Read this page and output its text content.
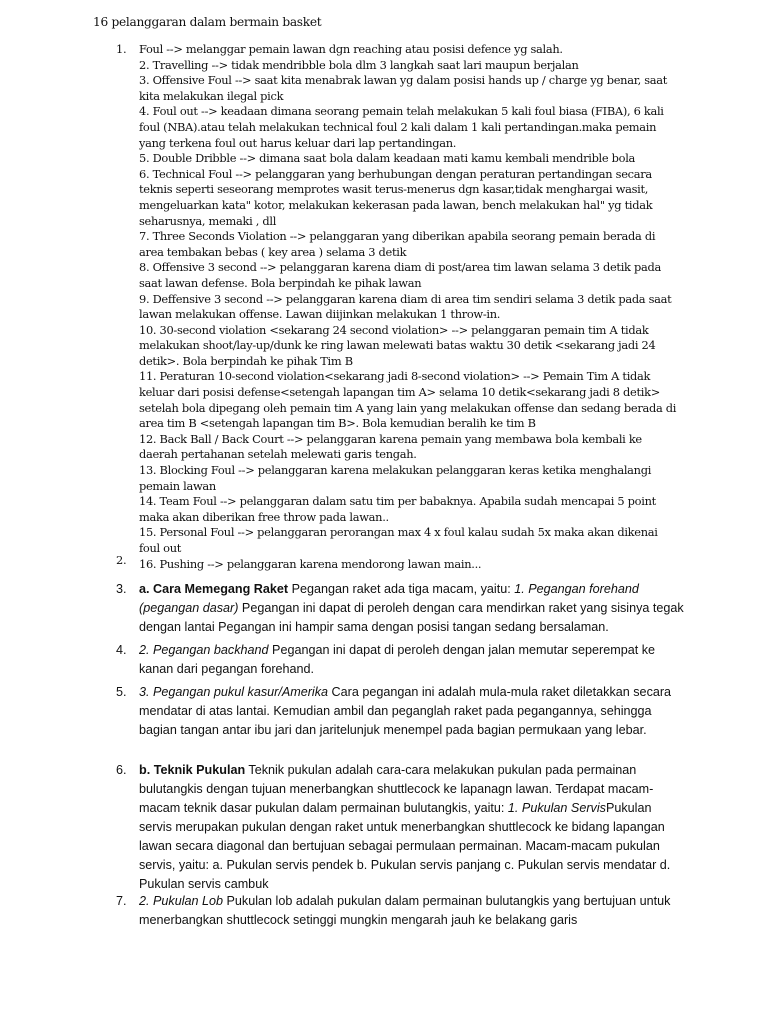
16 pelanggaran dalam bermain basket
1. Foul --> melanggar pemain lawan dgn reaching atau posisi defence yg salah.
2. Travelling --> tidak mendribble bola dlm 3 langkah saat lari maupun berjalan
3. Offensive Foul --> saat kita menabrak lawan yg dalam posisi hands up / charge yg benar, saat
kita melakukan ilegal pick
4. Foul out --> keadaan dimana seorang pemain telah melakukan 5 kali foul biasa (FIBA), 6 kali
foul (NBA).atau telah melakukan technical foul 2 kali dalam 1 kali pertandingan.maka pemain
yang terkena foul out harus keluar dari lap pertandingan.
5. Double Dribble --> dimana saat bola dalam keadaan mati kamu kembali mendrible bola
6. Technical Foul --> pelanggaran yang berhubungan dengan peraturan pertandingan secara
teknis seperti seseorang memprotes wasit terus-menerus dgn kasar,tidak menghargai wasit,
mengeluarkan kata" kotor, melakukan kekerasan pada lawan, bench melakukan hal" yg tidak
seharusnya, memaki , dll
7. Three Seconds Violation --> pelanggaran yang diberikan apabila seorang pemain berada di
area tembakan bebas ( key area ) selama 3 detik
8. Offensive 3 second --> pelanggaran karena diam di post/area tim lawan selama 3 detik pada
saat lawan defense. Bola berpindah ke pihak lawan
9. Deffensive 3 second --> pelanggaran karena diam di area tim sendiri selama 3 detik pada saat
lawan melakukan offense. Lawan diijinkan melakukan 1 throw-in.
10. 30-second violation <sekarang 24 second violation> --> pelanggaran pemain tim A tidak
melakukan shoot/lay-up/dunk ke ring lawan melewati batas waktu 30 detik <sekarang jadi 24
detik>. Bola berpindah ke pihak Tim B
11. Peraturan 10-second violation<sekarang jadi 8-second violation> --> Pemain Tim A tidak
keluar dari posisi defense<setengah lapangan tim A> selama 10 detik<sekarang jadi 8 detik>
setelah bola dipegang oleh pemain tim A yang lain yang melakukan offense dan sedang berada di
area tim B <setengah lapangan tim B>. Bola kemudian beralih ke tim B
12. Back Ball / Back Court --> pelanggaran karena pemain yang membawa bola kembali ke
daerah pertahanan setelah melewati garis tengah.
13. Blocking Foul --> pelanggaran karena melakukan pelanggaran keras ketika menghalangi
pemain lawan
14. Team Foul --> pelanggaran dalam satu tim per babaknya. Apabila sudah mencapai 5 point
maka akan diberikan free throw pada lawan..
15. Personal Foul --> pelanggaran perorangan max 4 x foul kalau sudah 5x maka akan dikenai
foul out
16. Pushing --> pelanggaran karena mendorong lawan main...
2.
3. a. Cara Memegang Raket Pegangan raket ada tiga macam, yaitu: 1. Pegangan forehand (pegangan dasar) Pegangan ini dapat di peroleh dengan cara mendirkan raket yang sisinya tegak dengan lantai Pegangan ini hampir sama dengan posisi tangan sedang bersalaman.

4. 2. Pegangan backhand Pegangan ini dapat di peroleh dengan jalan memutar seperempat ke kanan dari pegangan forehand.

5. 3. Pegangan pukul kasur/Amerika Cara pegangan ini adalah mula-mula raket diletakkan secara mendatar di atas lantai. Kemudian ambil dan peganglah raket pada pegangannya, sehingga bagian tangan antar ibu jari dan jaritelunjuk menempel pada bagian permukaan yang lebar.

6. b. Teknik Pukulan Teknik pukulan adalah cara-cara melakukan pukulan pada permainan bulutangkis dengan tujuan menerbangkan shuttlecock ke lapanagn lawan. Terdapat macam-macam teknik dasar pukulan dalam permainan bulutangkis, yaitu: 1. Pukulan ServisPukulan servis merupakan pukulan dengan raket untuk menerbangkan shuttlecock ke bidang lapangan lawan secara diagonal dan bertujuan sebagai permulaan permainan. Macam-macam pukulan servis, yaitu: a. Pukulan servis pendek b. Pukulan servis panjang c. Pukulan servis mendatar d. Pukulan servis cambuk

7. 2. Pukulan Lob Pukulan lob adalah pukulan dalam permainan bulutangkis yang bertujuan untuk menerbangkan shuttlecock setinggi mungkin mengarah jauh ke belakang garis
